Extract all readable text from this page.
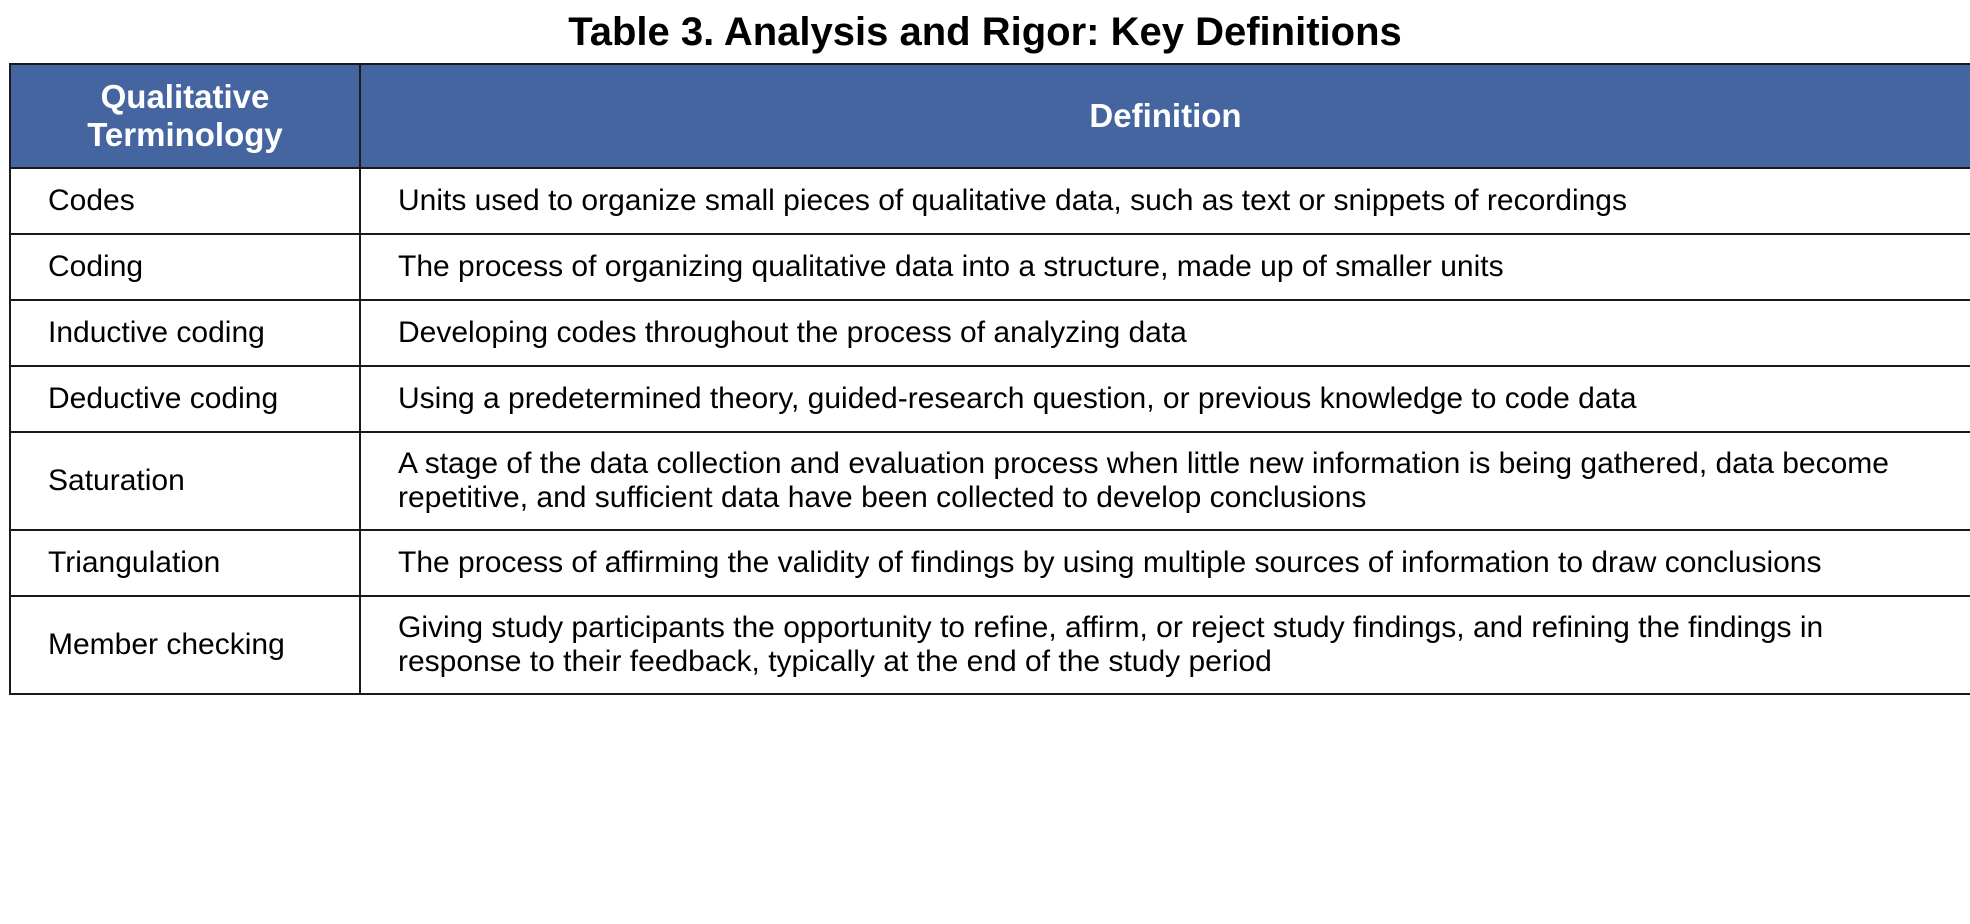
Table 3. Analysis and Rigor: Key Definitions
Qualitative Terminology	Definition
Codes	Units used to organize small pieces of qualitative data, such as text or snippets of recordings
Coding	The process of organizing qualitative data into a structure, made up of smaller units
Inductive coding	Developing codes throughout the process of analyzing data
Deductive coding	Using a predetermined theory, guided-research question, or previous knowledge to code data
Saturation	A stage of the data collection and evaluation process when little new information is being gathered, data become repetitive, and sufficient data have been collected to develop conclusions
Triangulation	The process of affirming the validity of findings by using multiple sources of information to draw conclusions
Member checking	Giving study participants the opportunity to refine, affirm, or reject study findings, and refining the findings in response to their feedback, typically at the end of the study period
